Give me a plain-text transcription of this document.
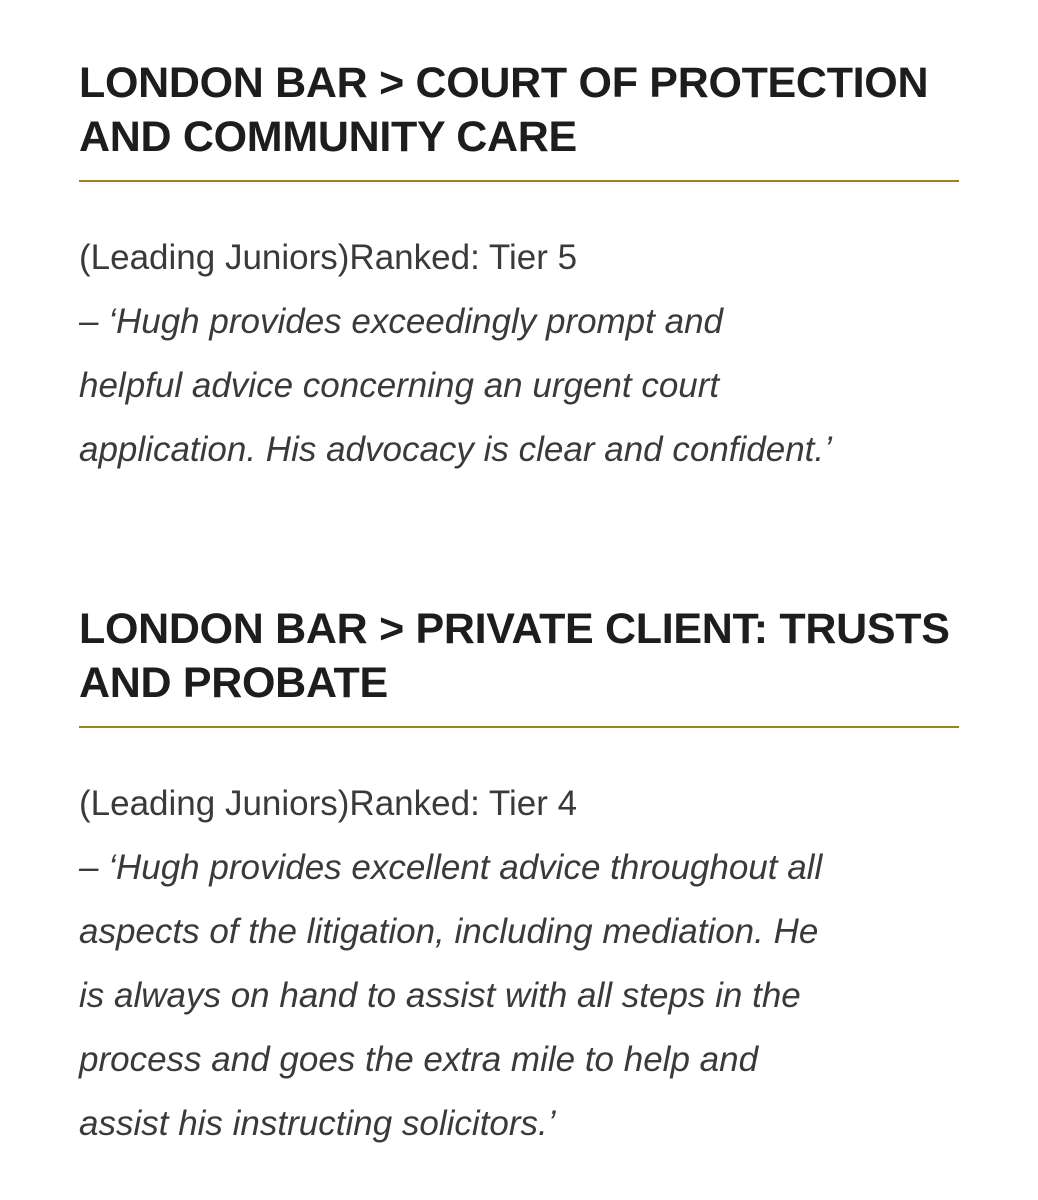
LONDON BAR > COURT OF PROTECTION
AND COMMUNITY CARE

(Leading Juniors)Ranked: Tier 5

– ‘Hugh provides exceedingly prompt and
helpful advice concerning an urgent court
application. His advocacy is clear and confident.’

LONDON BAR > PRIVATE CLIENT: TRUSTS
AND PROBATE

(Leading Juniors)Ranked: Tier 4

– ‘Hugh provides excellent advice throughout all
aspects of the litigation, including mediation. He
is always on hand to assist with all steps in the
process and goes the extra mile to help and
assist his instructing solicitors.’
